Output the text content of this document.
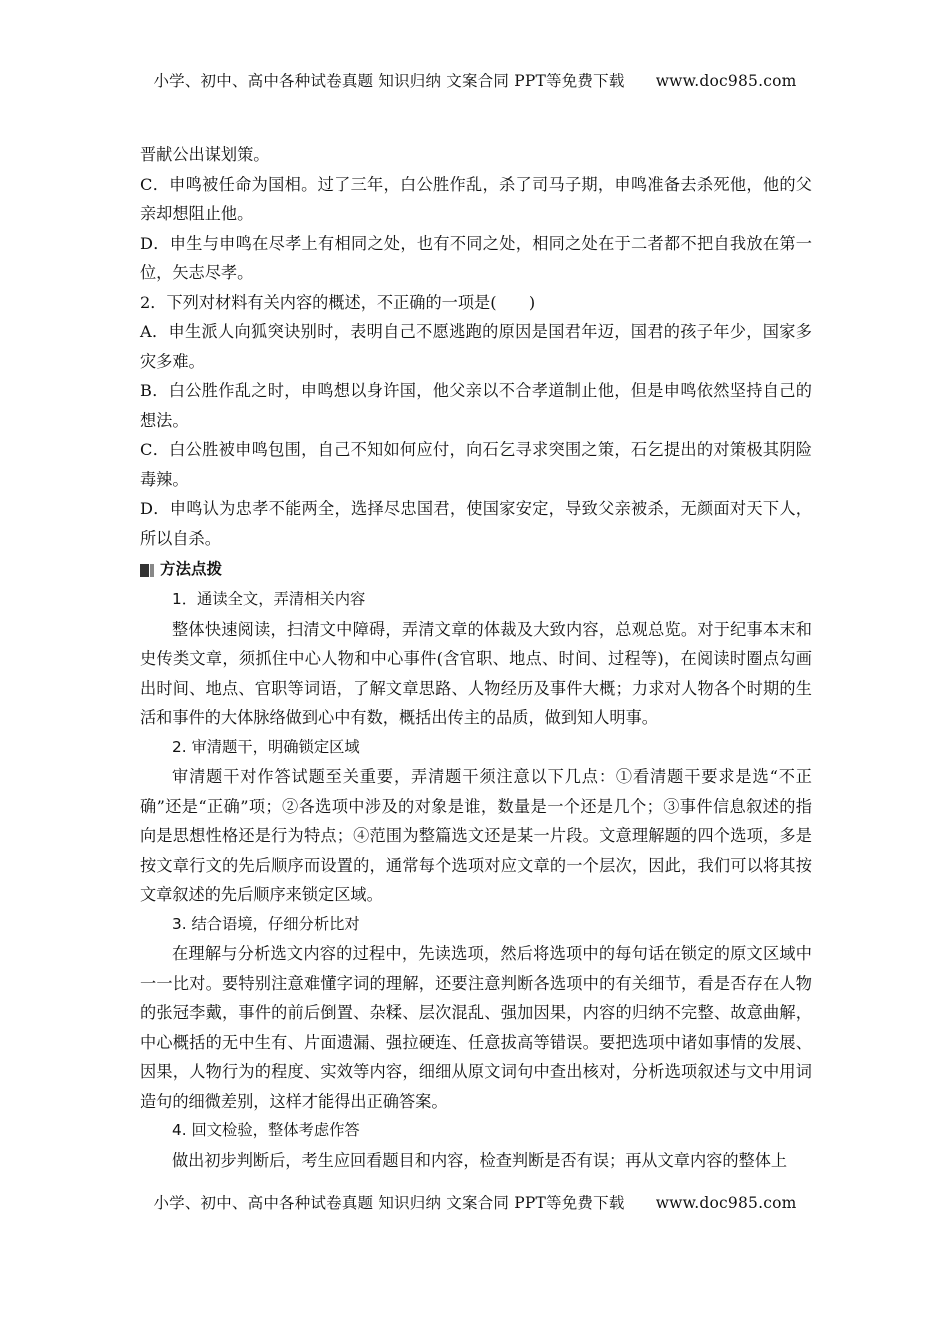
小学、初中、高中各种试卷真题 知识归纳 文案合同 PPT等免费下载 www.doc985.com

晋献公出谋划策。

C．申鸣被任命为国相。过了三年，白公胜作乱，杀了司马子期，申鸣准备去杀死他，他的父亲却想阻止他。

D．申生与申鸣在尽孝上有相同之处，也有不同之处，相同之处在于二者都不把自我放在第一位，矢志尽孝。

2．下列对材料有关内容的概述，不正确的一项是(　　)

A．申生派人向狐突诀别时，表明自己不愿逃跑的原因是国君年迈，国君的孩子年少，国家多灾多难。

B．白公胜作乱之时，申鸣想以身许国，他父亲以不合孝道制止他，但是申鸣依然坚持自己的想法。

C．白公胜被申鸣包围，自己不知如何应付，向石乞寻求突围之策，石乞提出的对策极其阴险毒辣。

D．申鸣认为忠孝不能两全，选择尽忠国君，使国家安定，导致父亲被杀，无颜面对天下人，所以自杀。

方法点拨

1．通读全文，弄清相关内容

整体快速阅读，扫清文中障碍，弄清文章的体裁及大致内容，总观总览。对于纪事本末和史传类文章，须抓住中心人物和中心事件(含官职、地点、时间、过程等)，在阅读时圈点勾画出时间、地点、官职等词语，了解文章思路、人物经历及事件大概；力求对人物各个时期的生活和事件的大体脉络做到心中有数，概括出传主的品质，做到知人明事。

2. 审清题干，明确锁定区域

审清题干对作答试题至关重要，弄清题干须注意以下几点：①看清题干要求是选“不正确”还是“正确”项；②各选项中涉及的对象是谁，数量是一个还是几个；③事件信息叙述的指向是思想性格还是行为特点；④范围为整篇选文还是某一片段。文意理解题的四个选项，多是按文章行文的先后顺序而设置的，通常每个选项对应文章的一个层次，因此，我们可以将其按文章叙述的先后顺序来锁定区域。

3. 结合语境，仔细分析比对

在理解与分析选文内容的过程中，先读选项，然后将选项中的每句话在锁定的原文区域中一一比对。要特别注意难懂字词的理解，还要注意判断各选项中的有关细节，看是否存在人物的张冠李戴，事件的前后倒置、杂糅、层次混乱、强加因果，内容的归纳不完整、故意曲解，中心概括的无中生有、片面遗漏、强拉硬连、任意拔高等错误。要把选项中诸如事情的发展、因果，人物行为的程度、实效等内容，细细从原文词句中查出核对，分析选项叙述与文中用词造句的细微差别，这样才能得出正确答案。

4. 回文检验，整体考虑作答

做出初步判断后，考生应回看题目和内容，检查判断是否有误；再从文章内容的整体上

小学、初中、高中各种试卷真题 知识归纳 文案合同 PPT等免费下载 www.doc985.com
